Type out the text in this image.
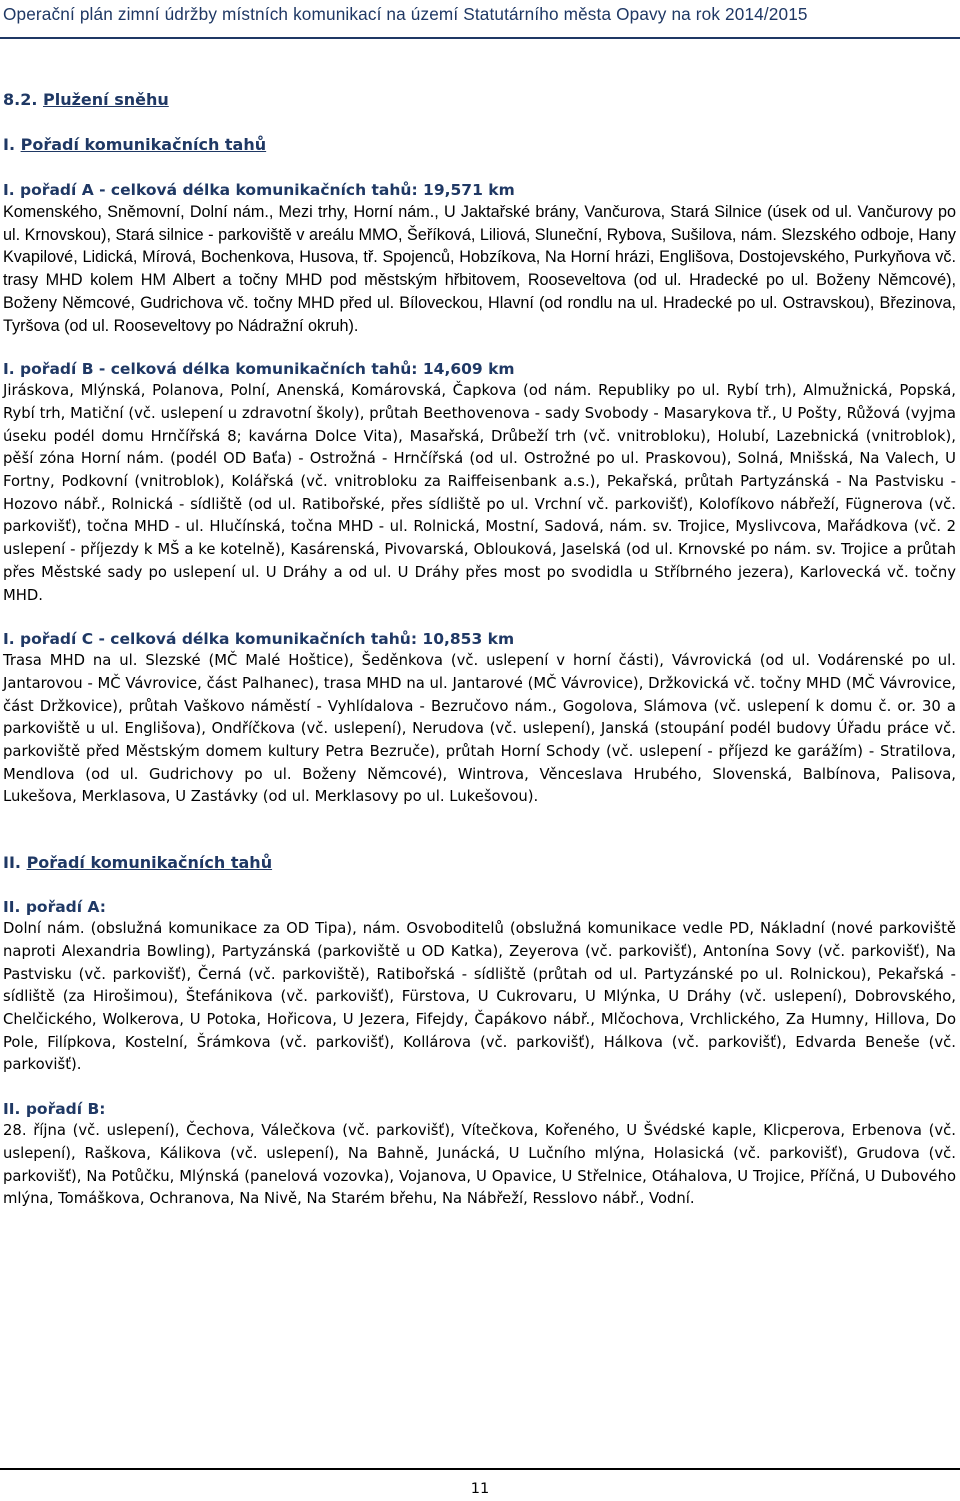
Operační plán zimní údržby místních komunikací na území Statutárního města Opavy na rok 2014/2015
8.2. Plužení sněhu
I. Pořadí komunikačních tahů
I. pořadí A - celková délka komunikačních tahů: 19,571 km

Komenského, Sněmovní, Dolní nám., Mezi trhy, Horní nám., U Jaktařské brány, Vančurova, Stará Silnice (úsek od ul. Vančurovy po ul. Krnovskou), Stará silnice - parkoviště v areálu MMO, Šeříková, Liliová, Sluneční, Rybova, Sušilova, nám. Slezského odboje, Hany Kvapilové, Lidická, Mírová, Bochenkova, Husova, tř. Spojenců, Hobzíkova, Na Horní hrázi, Englišova, Dostojevského, Purkyňova vč. trasy MHD kolem HM Albert a točny MHD pod městským hřbitovem, Rooseveltova (od ul. Hradecké po ul. Boženy Němcové), Boženy Němcové, Gudrichova vč. točny MHD před ul. Bílovеckou, Hlavní (od rondlu na ul. Hradecké po ul. Ostravskou), Březinova, Tyršova (od ul. Rooseveltovy po Nádražní okruh).

I. pořadí B - celková délka komunikačních tahů: 14,609 km

Jiráskova, Mlýnská, Polanova, Polní, Anenská, Komárovská, Čapkova (od nám. Republiky po ul. Rybí trh), Almužnická, Popská, Rybí trh, Matiční (vč. uslepení u zdravotní školy), průtah Beethovenova - sady Svobody - Masarykova tř., U Pošty, Růžová (vyjma úseku podél domu Hrnčířská 8; kavárna Dolce Vita), Masařská, Drůbeží trh (vč. vnitrobloku), Holubí, Lazebnická (vnitroblok), pěší zóna Horní nám. (podél OD Baťa) - Ostrožná - Hrnčířská (od ul. Ostrožné po ul. Praskovou), Solná, Mnišská, Na Valech, U Fortny, Podkovní (vnitroblok), Kolářská (vč. vnitrobloku za Raiffeisenbank a.s.), Pekařská, průtah Partyzánská - Na Pastvisku - Hozovo nábř., Rolnická - sídliště (od ul. Ratibořské, přes sídliště po ul. Vrchní vč. parkovišť), Kolofíkovo nábřeží, Fügnerova (vč. parkovišť), točna MHD - ul. Hlučínská, točna MHD - ul. Rolnická, Mostní, Sadová, nám. sv. Trojice, Myslivcova, Mařádkova (vč. 2 uslepení - příjezdy k MŠ a ke kotelně), Kasárenská, Pivovarská, Oblouková, Jaselská (od ul. Krnovské po nám. sv. Trojice a průtah přes Městské sady po uslepení ul. U Dráhy a od ul. U Dráhy přes most po svodidla u Stříbrného jezera), Karlovecká vč. točny MHD.

I. pořadí C - celková délka komunikačních tahů: 10,853 km

Trasa MHD na ul. Slezské (MČ Malé Hoštice), Šeděnkova (vč. uslepení v horní části), Vávrovická (od ul. Vodárenské po ul. Jantarovou - MČ Vávrovice, část Palhanec), trasa MHD na ul. Jantarové (MČ Vávrovice), Držkovická vč. točny MHD (MČ Vávrovice, část Držkovice), průtah Vaškovo náměstí - Vyhlídalova - Bezručovo nám., Gogolova, Slámova (vč. uslepení k domu č. or. 30 a parkoviště u ul. Englišova), Ondříčkova (vč. uslepení), Nerudova (vč. uslepení), Janská (stoupání podél budovy Úřadu práce vč. parkoviště před Městským domem kultury Petra Bezruče), průtah Horní Schody (vč. uslepení - příjezd ke garážím) - Stratilova, Mendlova (od ul. Gudrichovy po ul. Boženy Němcové), Wintrova, Věnceslava Hrubého, Slovenská, Balbínova, Palisova, Lukešova, Merklasova, U Zastávky (od ul. Merklasovy po ul. Lukešovou).

II. Pořadí komunikačních tahů
II. pořadí A:

Dolní nám. (obslužná komunikace za OD Tipa), nám. Osvoboditelů (obslužná komunikace vedle PD, Nákladní (nové parkoviště naproti Alexandria Bowling), Partyzánská (parkoviště u OD Katka), Zeyerova (vč. parkovišť), Antonína Sovy (vč. parkovišť), Na Pastvisku (vč. parkovišť), Černá (vč. parkoviště), Ratibořská - sídliště (průtah od ul. Partyzánské po ul. Rolnickou), Pekařská - sídliště (za Hirošimou), Štefánikova (vč. parkovišť), Fürstova, U Cukrovaru, U Mlýnka, U Dráhy (vč. uslepení), Dobrovského, Chelčického, Wolkerova, U Potoka, Hořicova, U Jezera, Fifejdy, Čapákovo nábř., Mlčochova, Vrchlického, Za Humny, Hillova, Do Pole, Filípkova, Kostelní, Šrámkova (vč. parkovišť), Kollárova (vč. parkovišť), Hálkova (vč. parkovišť), Edvarda Beneše (vč. parkovišť).

II. pořadí B:

28. října (vč. uslepení), Čechova, Válečkova (vč. parkovišť), Vítečkova, Kořeného, U Švédské kaple, Klicperova, Erbenova (vč. uslepení), Raškova, Kálikova (vč. uslepení), Na Bahně, Junácká, U Lučního mlýna, Holasická (vč. parkovišť), Grudova (vč. parkovišť), Na Potůčku, Mlýnská (panelová vozovka), Vojanova, U Opavice, U Střelnice, Otáhalova, U Trojice, Příčná, U Dubového mlýna, Tomáškova, Ochranova, Na Nivě, Na Starém břehu, Na Nábřeží, Resslovo nábř., Vodní.

11
